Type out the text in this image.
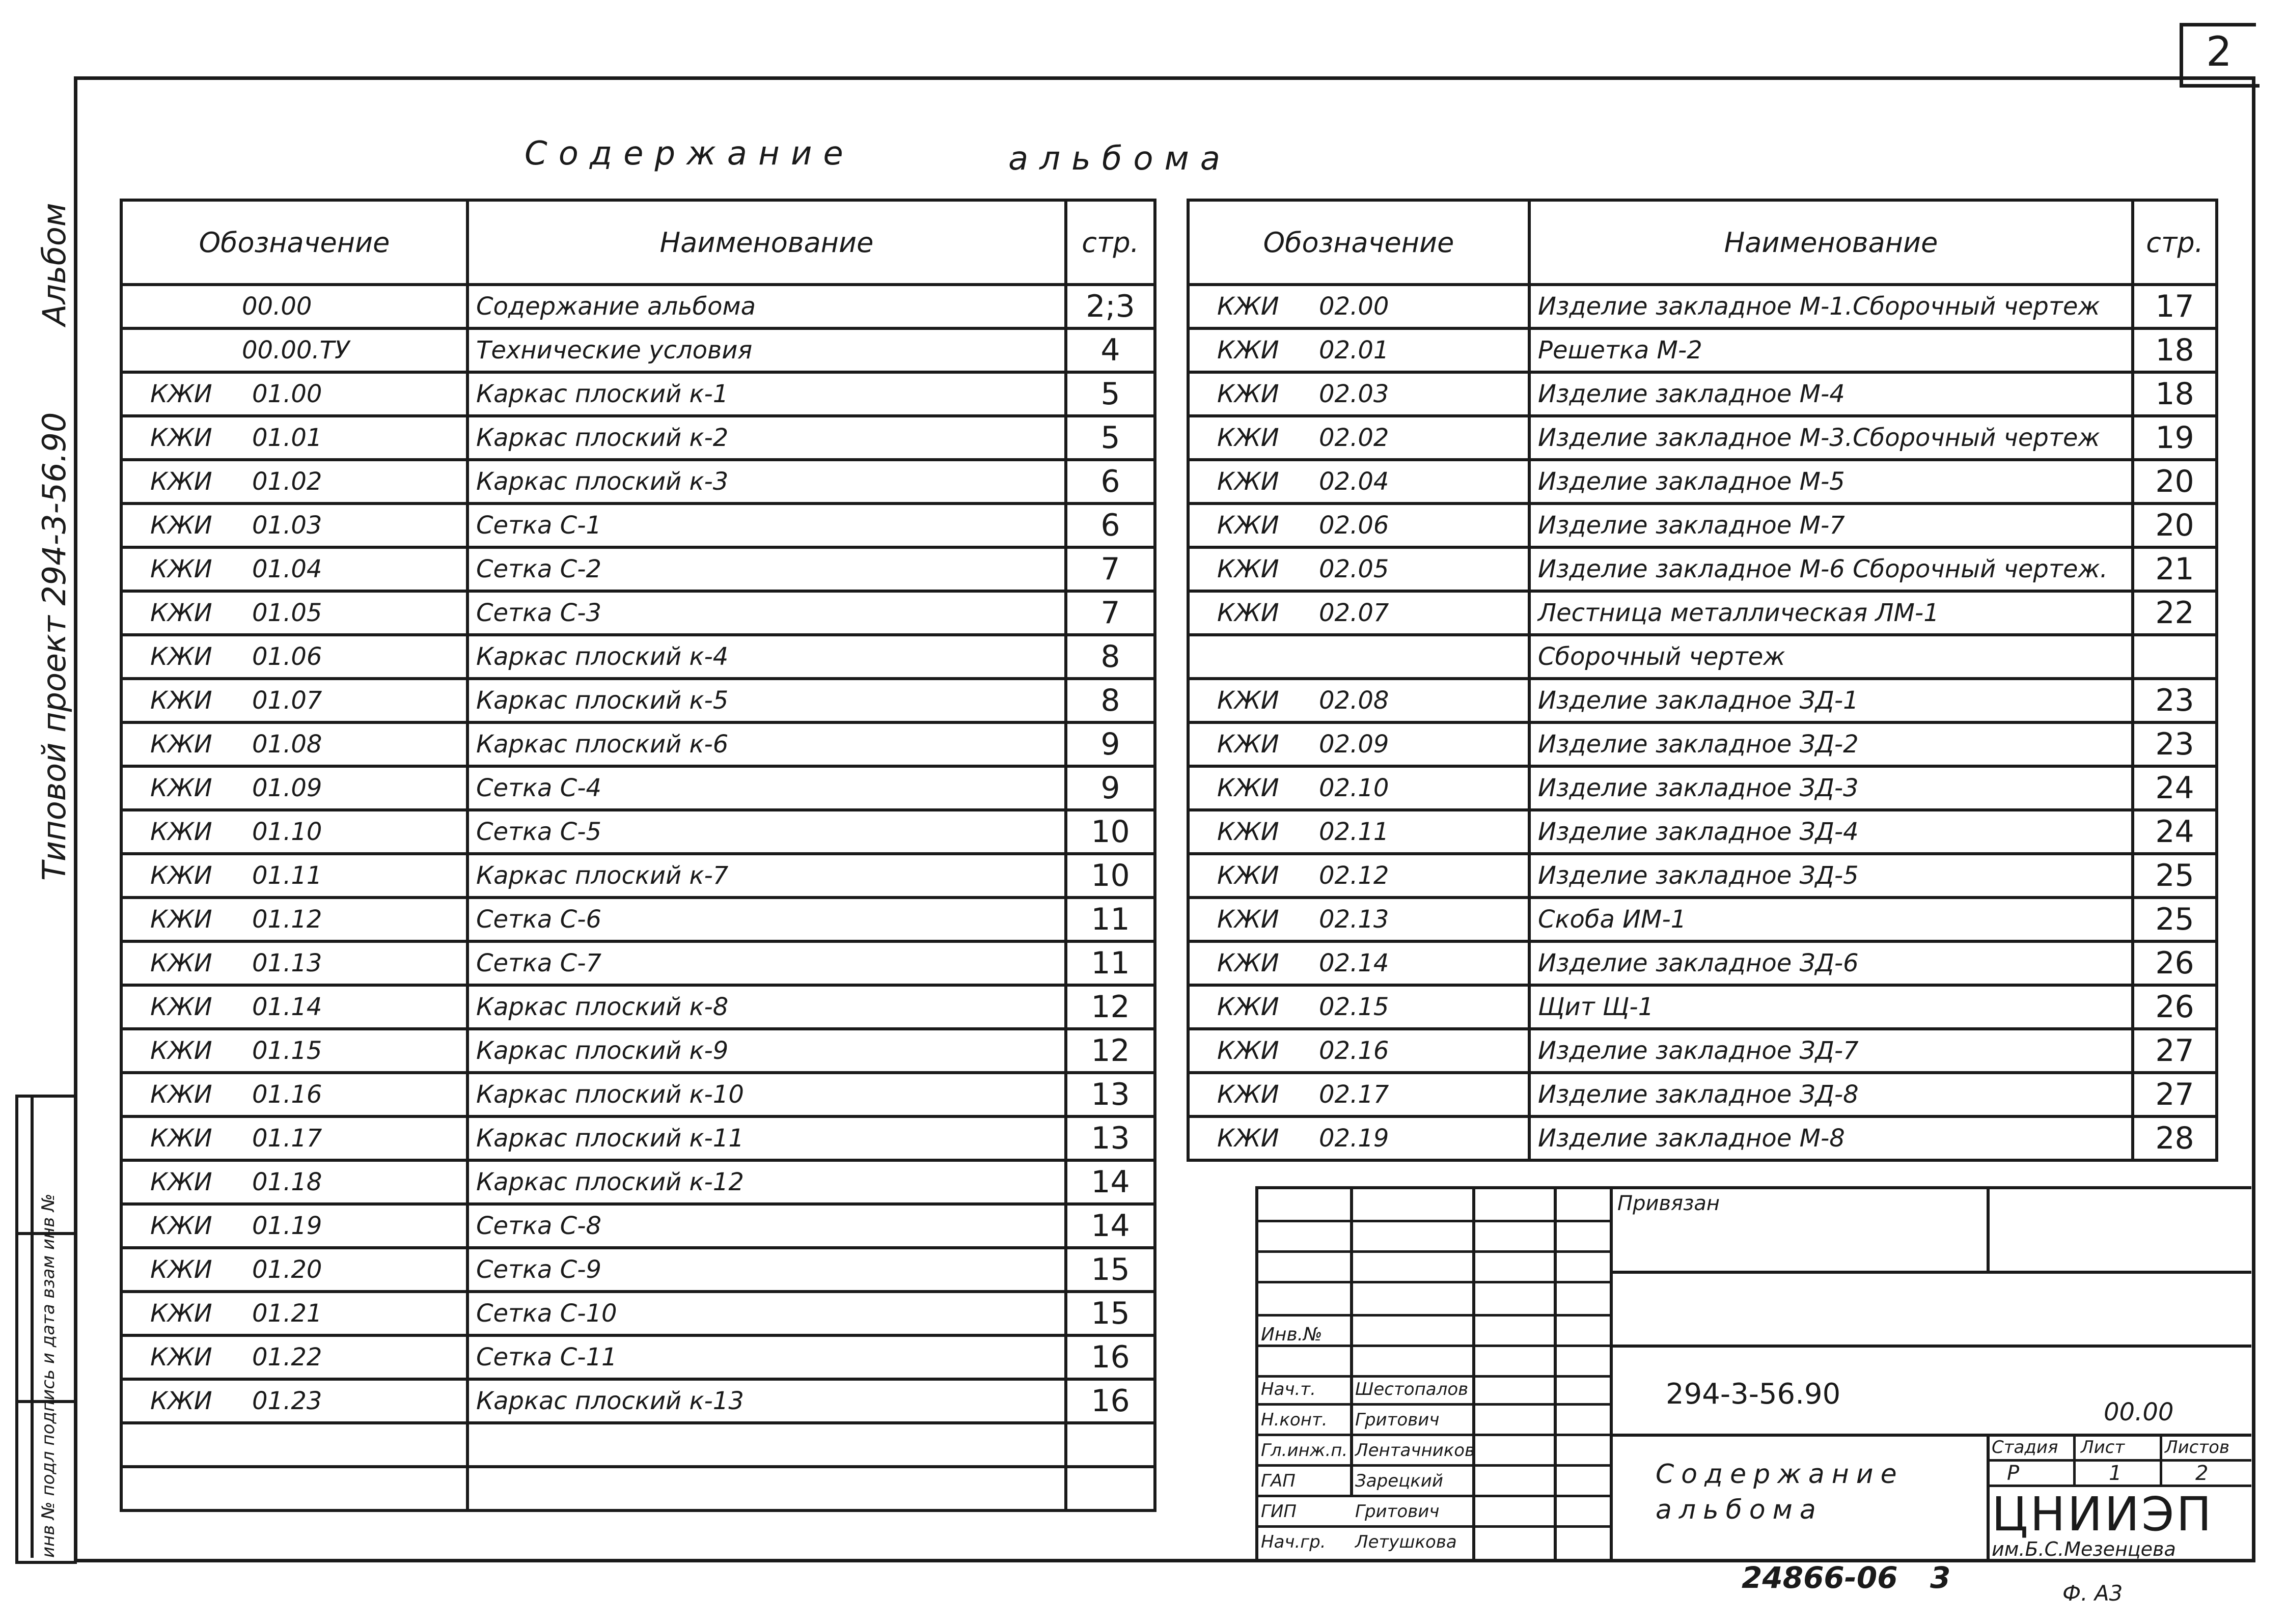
2
инв № подл подпись и дата взам инв №
Альбом
Типовой проект 294-3-56.90
Содержание	альбома
Обозначение	Наименование	стр.
00.00	Содержание альбома	2;3
00.00.ТУ	Технические условия	4
КЖИ 01.00	Каркас плоский к-1	5
КЖИ 01.01	Каркас плоский к-2	5
КЖИ 01.02	Каркас плоский к-3	6
КЖИ 01.03	Сетка С-1	6
КЖИ 01.04	Сетка С-2	7
КЖИ 01.05	Сетка С-3	7
КЖИ 01.06	Каркас плоский к-4	8
КЖИ 01.07	Каркас плоский к-5	8
КЖИ 01.08	Каркас плоский к-6	9
КЖИ 01.09	Сетка С-4	9
КЖИ 01.10	Сетка С-5	10
КЖИ 01.11	Каркас плоский к-7	10
КЖИ 01.12	Сетка С-6	11
КЖИ 01.13	Сетка С-7	11
КЖИ 01.14	Каркас плоский к-8	12
КЖИ 01.15	Каркас плоский к-9	12
КЖИ 01.16	Каркас плоский к-10	13
КЖИ 01.17	Каркас плоский к-11	13
КЖИ 01.18	Каркас плоский к-12	14
КЖИ 01.19	Сетка С-8	14
КЖИ 01.20	Сетка С-9	15
КЖИ 01.21	Сетка С-10	15
КЖИ 01.22	Сетка С-11	16
КЖИ 01.23	Каркас плоский к-13	16

Обозначение	Наименование	стр.
КЖИ 02.00	Изделие закладное М-1.Сборочный чертеж	17
КЖИ 02.01	Решетка М-2	18
КЖИ 02.03	Изделие закладное М-4	18
КЖИ 02.02	Изделие закладное М-3.Сборочный чертеж	19
КЖИ 02.04	Изделие закладное М-5	20
КЖИ 02.06	Изделие закладное М-7	20
КЖИ 02.05	Изделие закладное М-6 Сборочный чертеж.	21
КЖИ 02.07	Лестница металлическая ЛМ-1	22
	Сборочный чертеж	
КЖИ 02.08	Изделие закладное ЗД-1	23
КЖИ 02.09	Изделие закладное ЗД-2	23
КЖИ 02.10	Изделие закладное ЗД-3	24
КЖИ 02.11	Изделие закладное ЗД-4	24
КЖИ 02.12	Изделие закладное ЗД-5	25
КЖИ 02.13	Скоба ИМ-1	25
КЖИ 02.14	Изделие закладное ЗД-6	26
КЖИ 02.15	Щит Щ-1	26
КЖИ 02.16	Изделие закладное ЗД-7	27
КЖИ 02.17	Изделие закладное ЗД-8	27
КЖИ 02.19	Изделие закладное М-8	28
Привязан
Инв.№
Нач.т. Шестопалов
Н.конт. Гритович
Гл.инж.п. Лентачников
ГАП	Зарецкий
ГИП	Гритович
Нач.гр. Летушкова
294-3-56.90
00.00
Содержание
альбома
Стадия Лист Листов
Р	1	2
ЦНИИЭП
им.Б.С.Мезенцева
24866-06 3	Ф. А3
